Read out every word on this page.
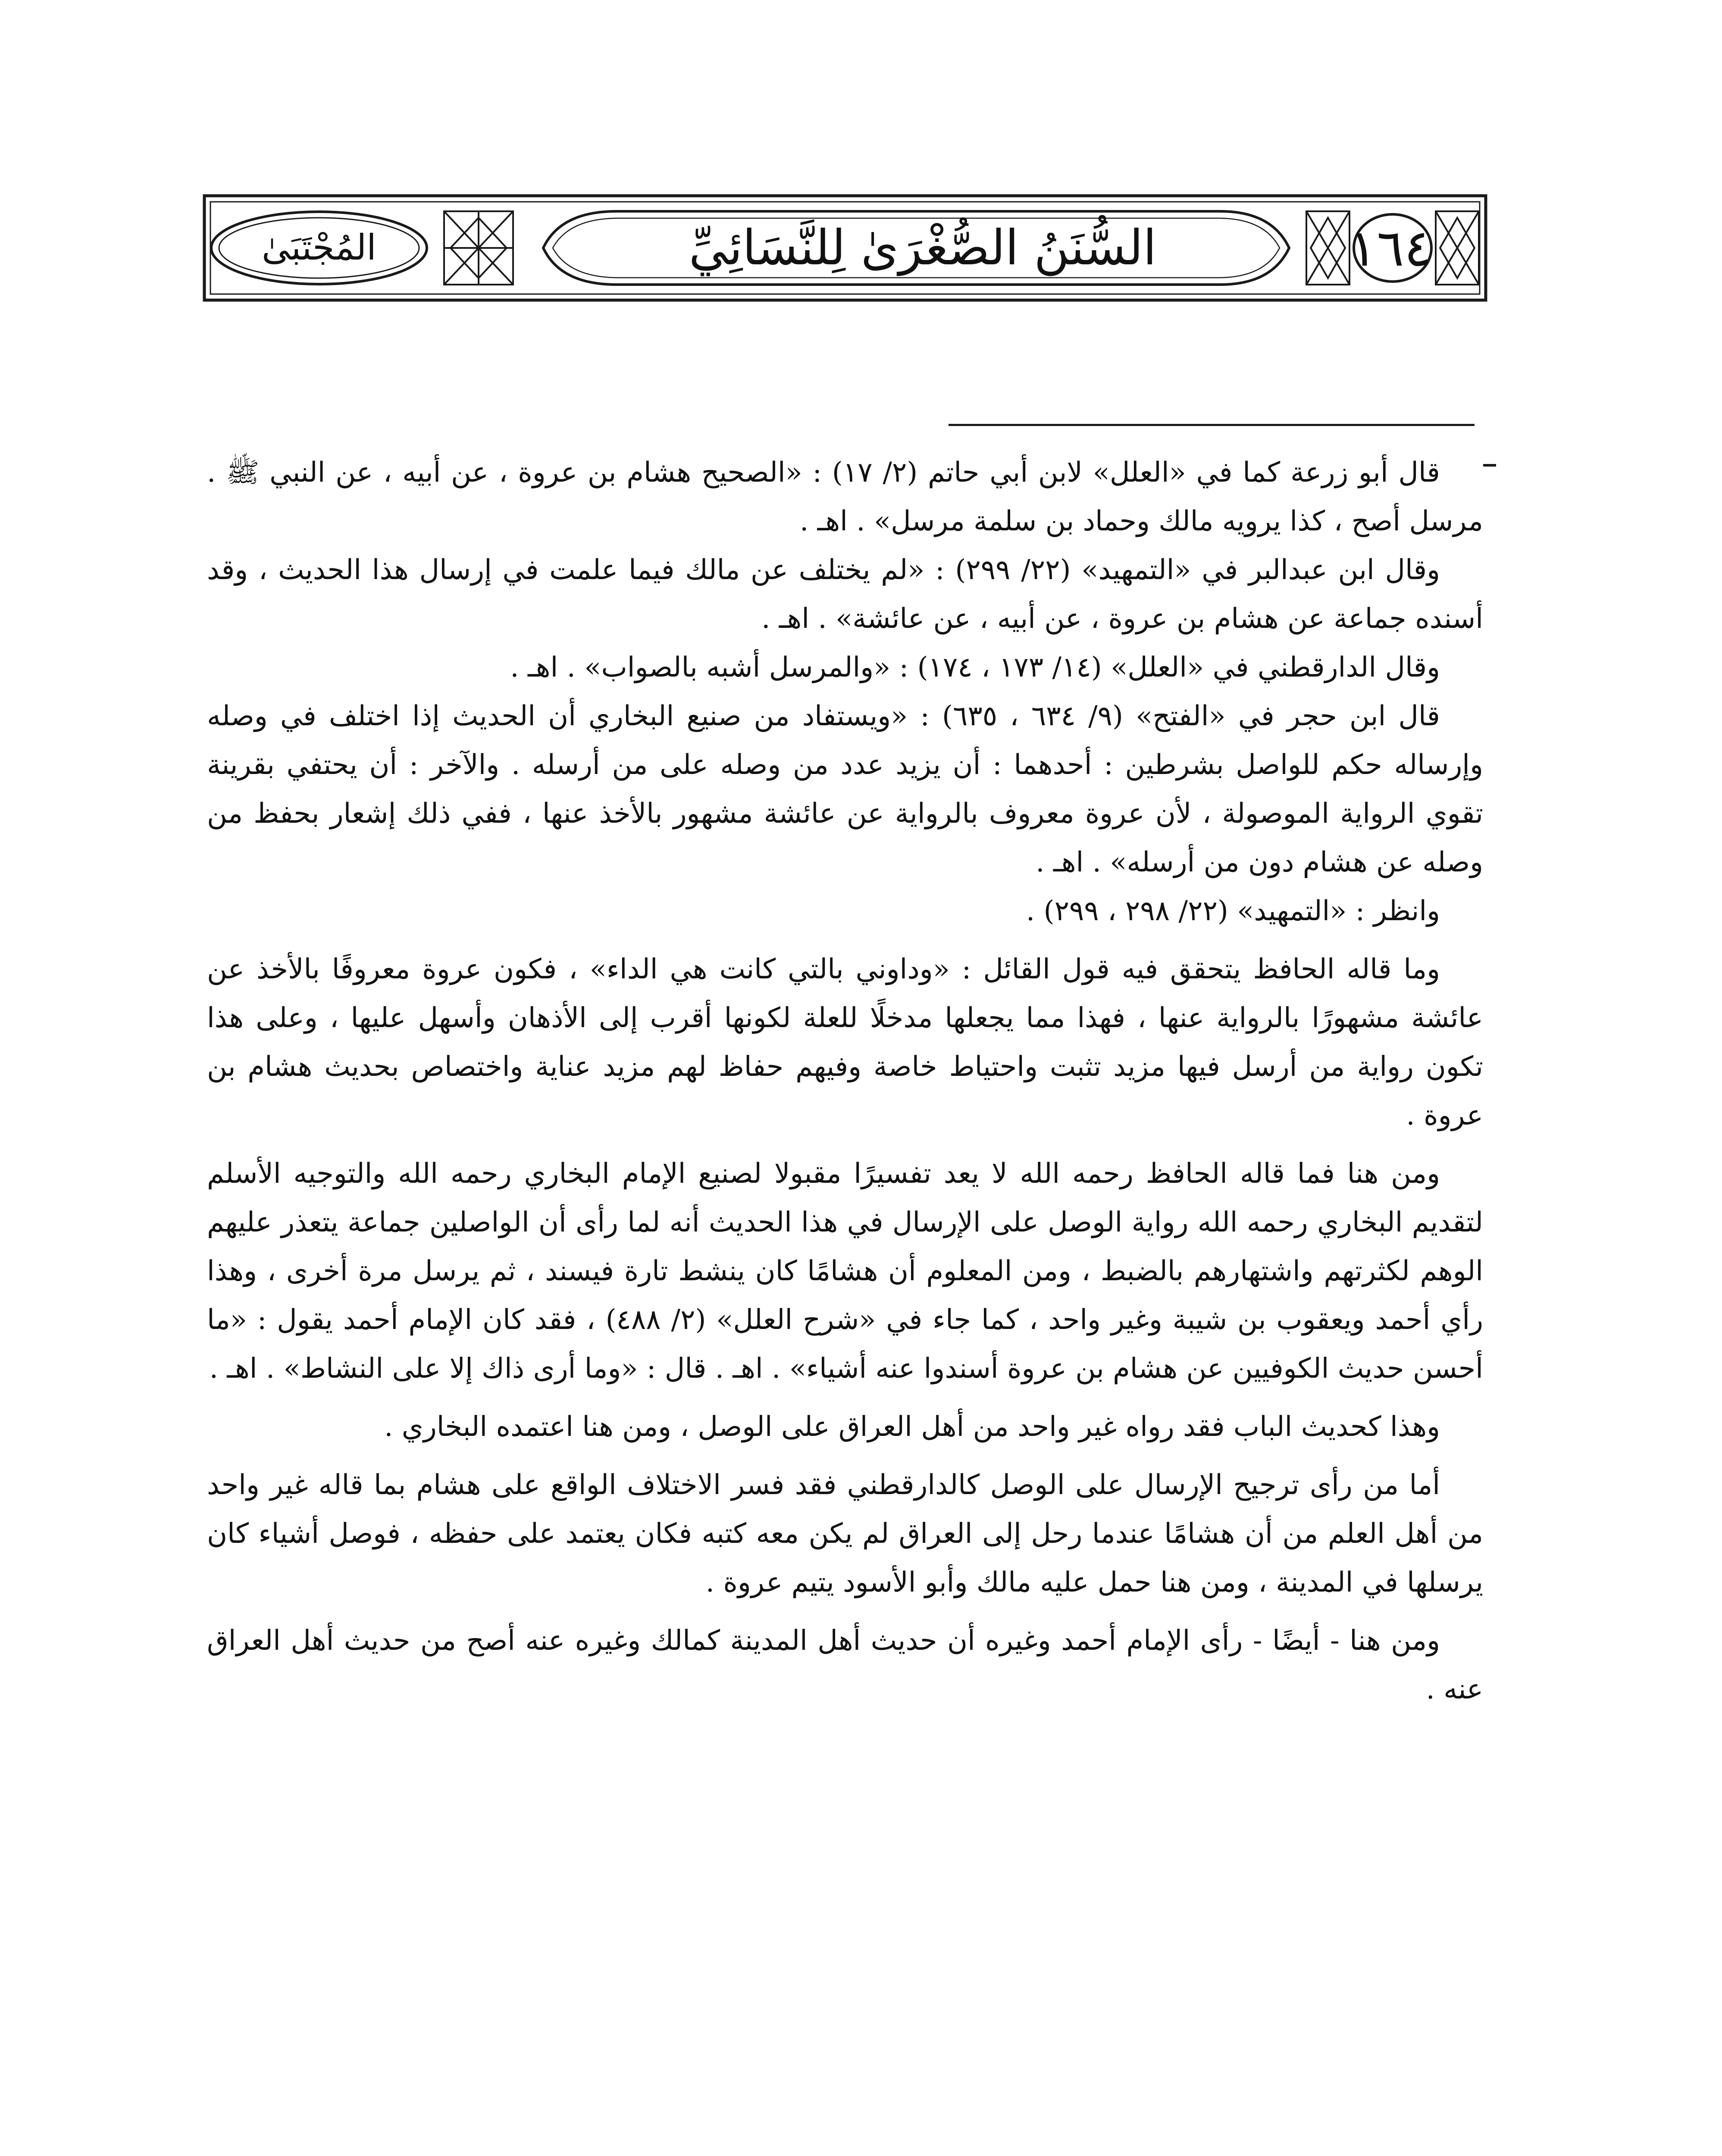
المُجْتَبَىٰ	السُّنَنُ الصُّغْرَىٰ لِلنَّسَائِيِّ	١٦٤

قال أبو زرعة كما في «العلل» لابن أبي حاتم (٢/ ١٧) : «الصحيح هشام بن عروة ، عن أبيه ، عن النبي ﷺ . مرسل أصح ، كذا يرويه مالك وحماد بن سلمة مرسل» . اهـ .

وقال ابن عبدالبر في «التمهيد» (٢٢/ ٢٩٩) : «لم يختلف عن مالك فيما علمت في إرسال هذا الحديث ، وقد أسنده جماعة عن هشام بن عروة ، عن أبيه ، عن عائشة» . اهـ .

وقال الدارقطني في «العلل» (١٤/ ١٧٣ ، ١٧٤) : «والمرسل أشبه بالصواب» . اهـ .

قال ابن حجر في «الفتح» (٩/ ٦٣٤ ، ٦٣٥) : «ويستفاد من صنيع البخاري أن الحديث إذا اختلف في وصله وإرساله حكم للواصل بشرطين : أحدهما : أن يزيد عدد من وصله على من أرسله . والآخر : أن يحتفي بقرينة تقوي الرواية الموصولة ، لأن عروة معروف بالرواية عن عائشة مشهور بالأخذ عنها ، ففي ذلك إشعار بحفظ من وصله عن هشام دون من أرسله» . اهـ .

وانظر : «التمهيد» (٢٢/ ٢٩٨ ، ٢٩٩) .

وما قاله الحافظ يتحقق فيه قول القائل : «وداوني بالتي كانت هي الداء» ، فكون عروة معروفًا بالأخذ عن عائشة مشهورًا بالرواية عنها ، فهذا مما يجعلها مدخلًا للعلة لكونها أقرب إلى الأذهان وأسهل عليها ، وعلى هذا تكون رواية من أرسل فيها مزيد تثبت واحتياط خاصة وفيهم حفاظ لهم مزيد عناية واختصاص بحديث هشام بن عروة .

ومن هنا فما قاله الحافظ رحمه الله لا يعد تفسيرًا مقبولا لصنيع الإمام البخاري رحمه الله والتوجيه الأسلم لتقديم البخاري رحمه الله رواية الوصل على الإرسال في هذا الحديث أنه لما رأى أن الواصلين جماعة يتعذر عليهم الوهم لكثرتهم واشتهارهم بالضبط ، ومن المعلوم أن هشامًا كان ينشط تارة فيسند ، ثم يرسل مرة أخرى ، وهذا رأي أحمد ويعقوب بن شيبة وغير واحد ، كما جاء في «شرح العلل» (٢/ ٤٨٨) ، فقد كان الإمام أحمد يقول : «ما أحسن حديث الكوفيين عن هشام بن عروة أسندوا عنه أشياء» . اهـ . قال : «وما أرى ذاك إلا على النشاط» . اهـ .

وهذا كحديث الباب فقد رواه غير واحد من أهل العراق على الوصل ، ومن هنا اعتمده البخاري .

أما من رأى ترجيح الإرسال على الوصل كالدارقطني فقد فسر الاختلاف الواقع على هشام بما قاله غير واحد من أهل العلم من أن هشامًا عندما رحل إلى العراق لم يكن معه كتبه فكان يعتمد على حفظه ، فوصل أشياء كان يرسلها في المدينة ، ومن هنا حمل عليه مالك وأبو الأسود يتيم عروة .

ومن هنا - أيضًا - رأى الإمام أحمد وغيره أن حديث أهل المدينة كمالك وغيره عنه أصح من حديث أهل العراق عنه .
